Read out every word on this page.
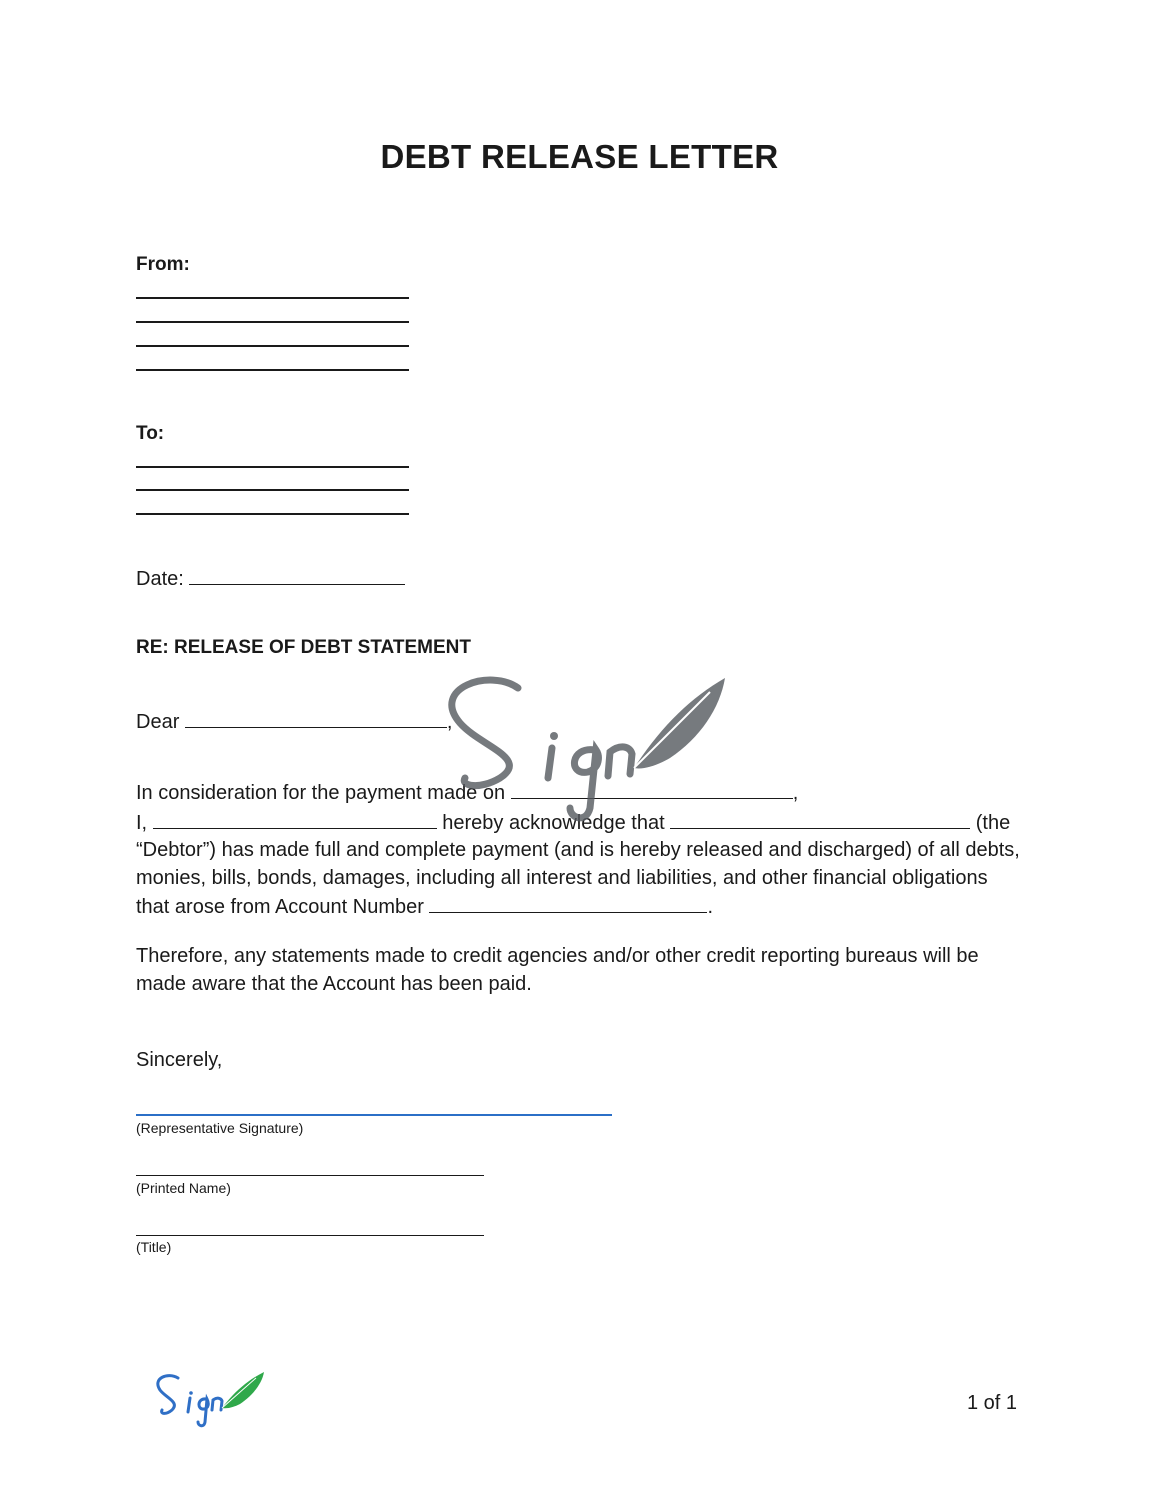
DEBT RELEASE LETTER
From:
To:
Date:
RE: RELEASE OF DEBT STATEMENT
Dear	,
In consideration for the payment made on	,
I,	hereby acknowledge that	(the “Debtor”) has made full and complete payment (and is hereby released and discharged) of all debts, monies, bills, bonds, damages, including all interest and liabilities, and other financial obligations that arose from Account Number	.
Therefore, any statements made to credit agencies and/or other credit reporting bureaus will be made aware that the Account has been paid.
Sincerely,
(Representative Signature)
(Printed Name)
(Title)
1 of 1
